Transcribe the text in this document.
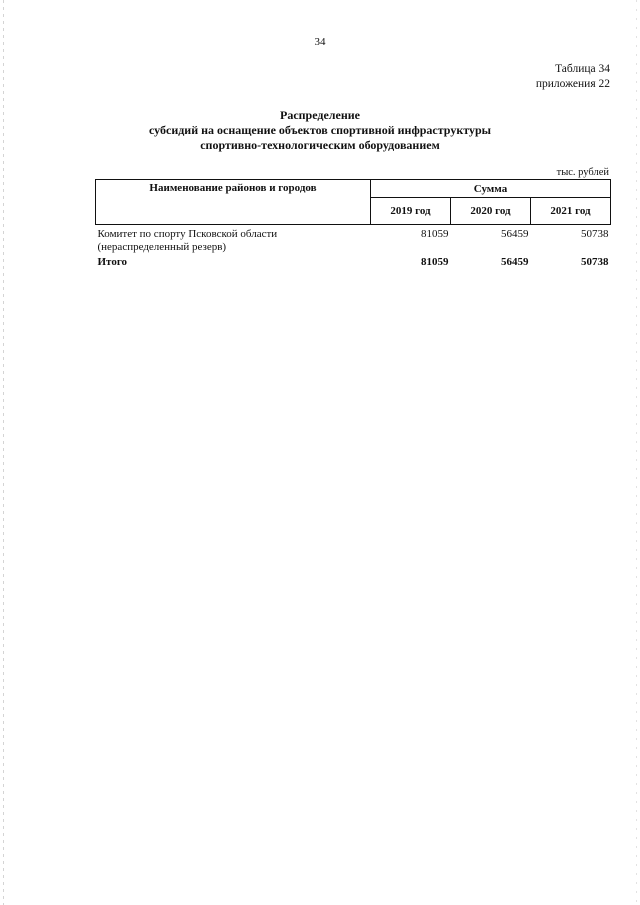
34
Таблица 34
приложения 22
Распределение
субсидий на оснащение объектов спортивной инфраструктуры
спортивно-технологическим оборудованием
тыс. рублей
Наименование районов и городов	Сумма		
	2019 год	2020 год	2021 год
Комитет по спорту Псковской области (нераспределенный резерв)	81059	56459	50738
Итого	81059	56459	50738
